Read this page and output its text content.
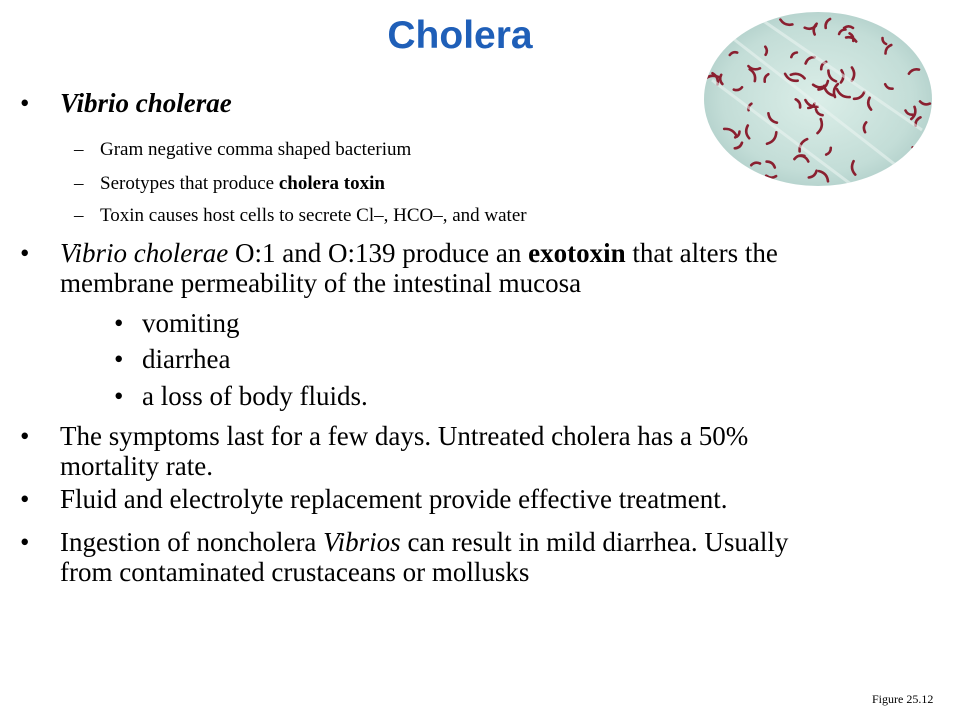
Cholera
• Vibrio cholerae
– Gram negative comma shaped bacterium
– Serotypes that produce cholera toxin
– Toxin causes host cells to secrete Cl–, HCO–, and water
• Vibrio cholerae O:1 and O:139 produce an exotoxin that alters the
membrane permeability of the intestinal mucosa
• vomiting
• diarrhea
• a loss of body fluids.
• The symptoms last for a few days. Untreated cholera has a 50%
mortality rate.
• Fluid and electrolyte replacement provide effective treatment.
• Ingestion of noncholera Vibrios can result in mild diarrhea. Usually
from contaminated crustaceans or mollusks
Figure 25.12
